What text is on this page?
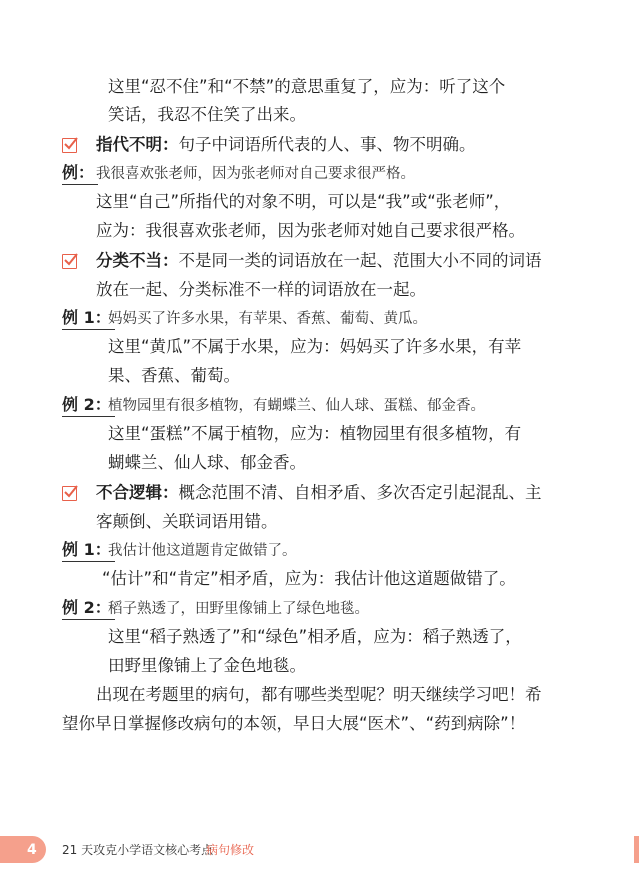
这里“忍不住”和“不禁”的意思重复了，应为：听了这个
笑话，我忍不住笑了出来。
指代不明：句子中词语所代表的人、事、物不明确。
例： 我很喜欢张老师，因为张老师对自己要求很严格。
这里“自己”所指代的对象不明，可以是“我”或“张老师”，
应为：我很喜欢张老师，因为张老师对她自己要求很严格。
分类不当：不是同一类的词语放在一起、范围大小不同的词语
放在一起、分类标准不一样的词语放在一起。
例 1：
妈妈买了许多水果，有苹果、香蕉、葡萄、黄瓜。
这里“黄瓜”不属于水果，应为：妈妈买了许多水果，有苹
果、香蕉、葡萄。
例 2：
植物园里有很多植物，有蝴蝶兰、仙人球、蛋糕、郁金香。
这里“蛋糕”不属于植物，应为：植物园里有很多植物，有
蝴蝶兰、仙人球、郁金香。
不合逻辑：概念范围不清、自相矛盾、多次否定引起混乱、主
客颠倒、关联词语用错。
例 1：
我估计他这道题肯定做错了。
“估计”和“肯定”相矛盾，应为：我估计他这道题做错了。
例 2：
稻子熟透了，田野里像铺上了绿色地毯。
这里“稻子熟透了”和“绿色”相矛盾，应为：稻子熟透了，
田野里像铺上了金色地毯。
出现在考题里的病句，都有哪些类型呢？明天继续学习吧！希
望你早日掌握修改病句的本领，早日大展“医术”、“药到病除”！
4 21 天攻克小学语文核心考点
病句修改
